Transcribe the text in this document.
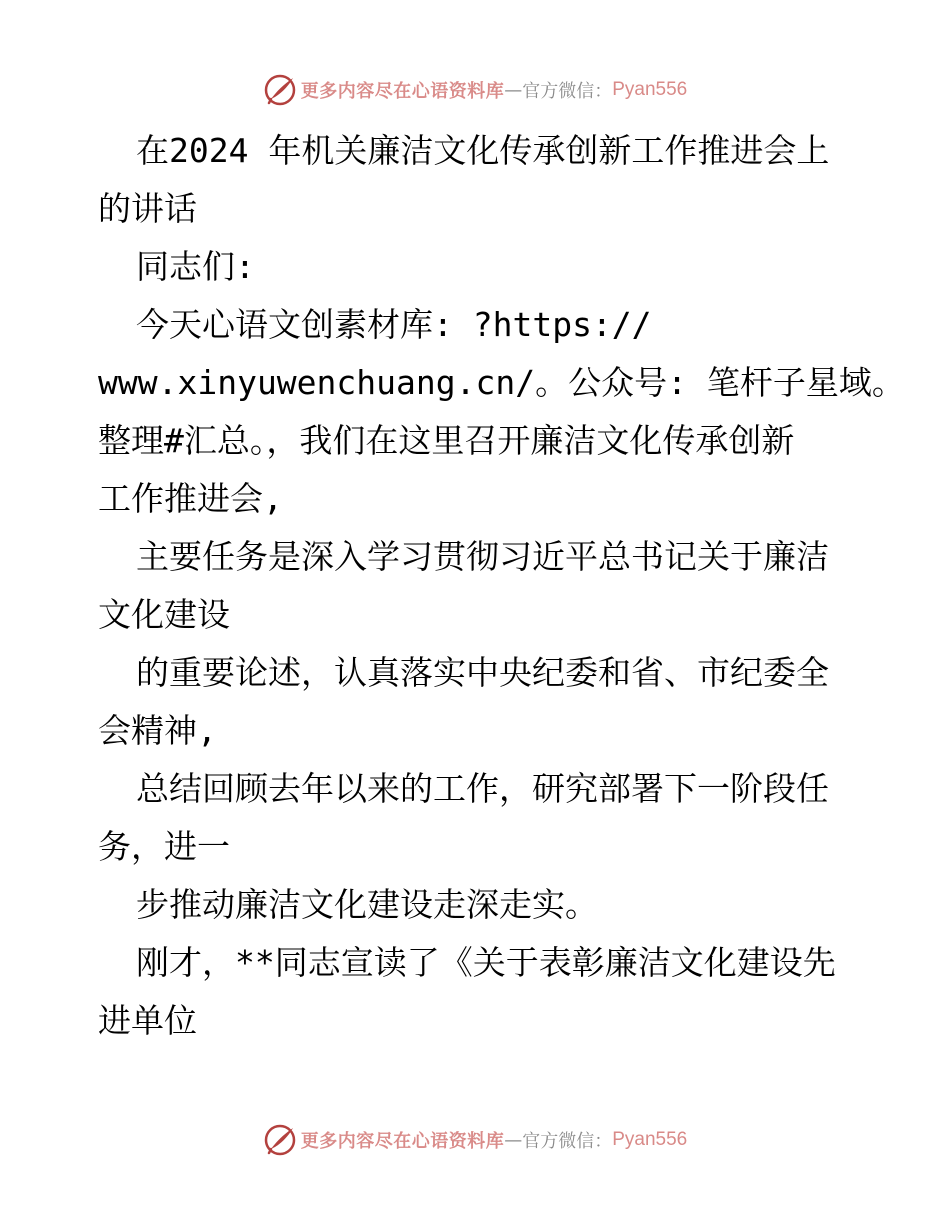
更多内容尽在心语资料库 — 官方微信： Pyan556

在2024 年机关廉洁文化传承创新工作推进会上

的讲话

同志们:

今天心语文创素材库: ?https://

www.xinyuwenchuang.cn/。公众号: 笔杆子星域。

整理#汇总。，我们在这里召开廉洁文化传承创新

工作推进会,

主要任务是深入学习贯彻习近平总书记关于廉洁

文化建设

的重要论述，认真落实中央纪委和省、市纪委全

会精神,

总结回顾去年以来的工作，研究部署下一阶段任

务，进一

步推动廉洁文化建设走深走实。

刚才，**同志宣读了《关于表彰廉洁文化建设先

进单位

更多内容尽在心语资料库 — 官方微信： Pyan556
